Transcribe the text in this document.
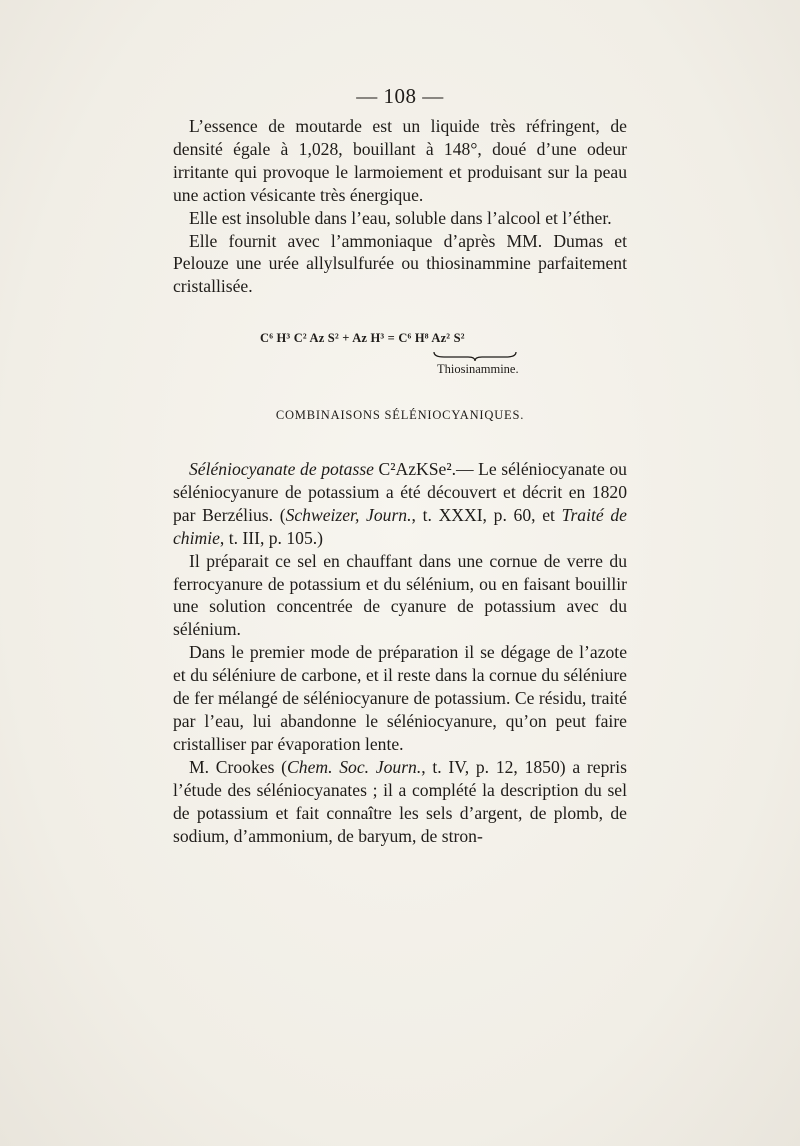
— 108 —

L’essence de moutarde est un liquide très réfringent, de densité égale à 1,028, bouillant à 148°, doué d’une odeur irritante qui provoque le larmoiement et produisant sur la peau une action vésicante très énergique.

Elle est insoluble dans l’eau, soluble dans l’alcool et l’éther.

Elle fournit avec l’ammoniaque d’après MM. Dumas et Pelouze une urée allylsulfurée ou thiosinammine parfaitement cristallisée.

C⁶ H³ C² Az S² + Az H³ = C⁶ H⁸ Az² S²
Thiosinammine.
COMBINAISONS SÉLÉNIOCYANIQUES.

Séléniocyanate de potasse C²AzKSe².— Le séléniocyanate ou séléniocyanure de potassium a été découvert et décrit en 1820 par Berzélius. (Schweizer, Journ., t. XXXI, p. 60, et Traité de chimie, t. III, p. 105.)

Il préparait ce sel en chauffant dans une cornue de verre du ferrocyanure de potassium et du sélénium, ou en faisant bouillir une solution concentrée de cyanure de potassium avec du sélénium.

Dans le premier mode de préparation il se dégage de l’azote et du séléniure de carbone, et il reste dans la cornue du séléniure de fer mélangé de séléniocyanure de potassium. Ce résidu, traité par l’eau, lui abandonne le séléniocyanure, qu’on peut faire cristalliser par évaporation lente.

M. Crookes (Chem. Soc. Journ., t. IV, p. 12, 1850) a repris l’étude des séléniocyanates ; il a complété la description du sel de potassium et fait connaître les sels d’argent, de plomb, de sodium, d’ammonium, de baryum, de stron-
